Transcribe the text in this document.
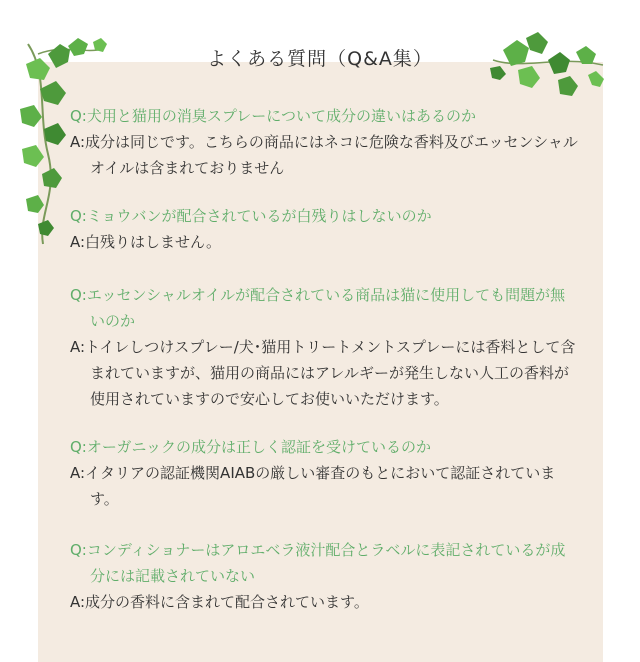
よくある質問（Q&A集）

Q:犬用と猫用の消臭スプレーについて成分の違いはあるのか

A:成分は同じです。こちらの商品にはネコに危険な香料及びエッセンシャルオイルは含まれておりません

Q:ミョウバンが配合されているが白残りはしないのか

A:白残りはしません。

Q:エッセンシャルオイルが配合されている商品は猫に使用しても問題が無いのか

A:トイレしつけスプレー/犬･猫用トリートメントスプレーには香料として含まれていますが、猫用の商品にはアレルギーが発生しない人工の香料が使用されていますので安心してお使いいただけます。

Q:オーガニックの成分は正しく認証を受けているのか

A:イタリアの認証機関AIABの厳しい審査のもとにおいて認証されています。

Q:コンディショナーはアロエベラ液汁配合とラベルに表記されているが成分には記載されていない

A:成分の香料に含まれて配合されています。
